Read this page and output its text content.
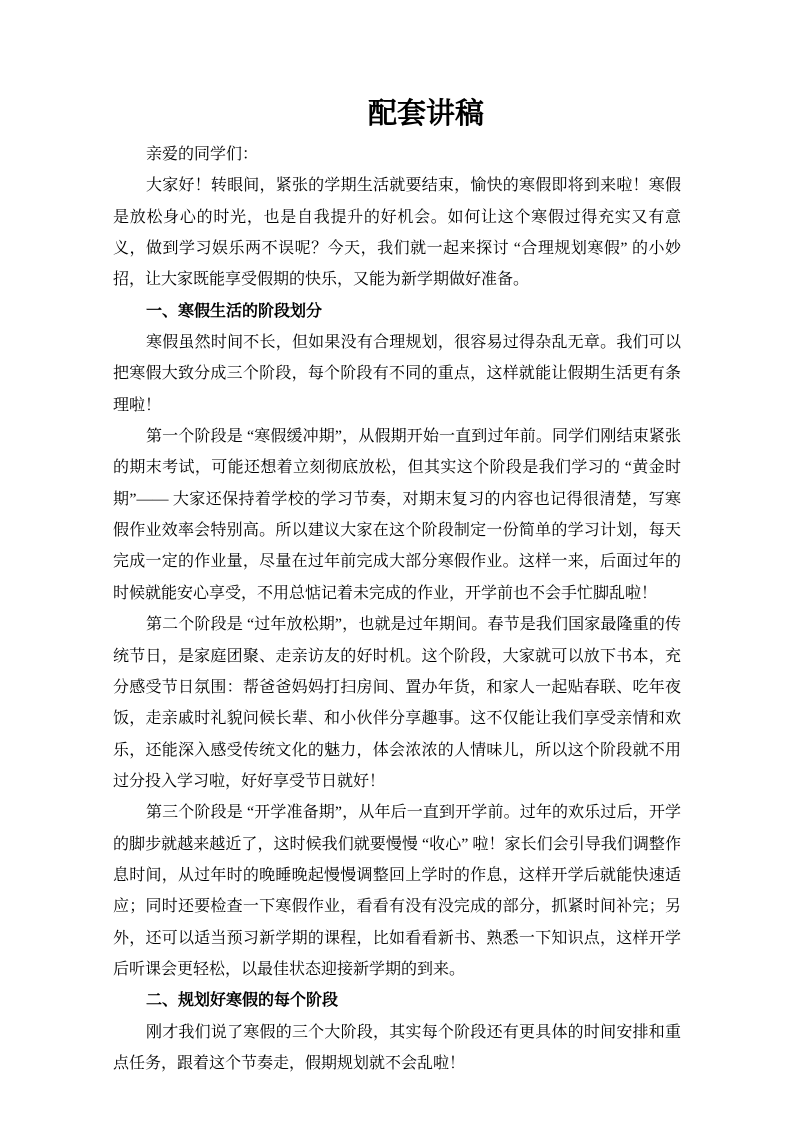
配套讲稿

亲爱的同学们：

大家好！转眼间，紧张的学期生活就要结束，愉快的寒假即将到来啦！寒假是放松身心的时光，也是自我提升的好机会。如何让这个寒假过得充实又有意义，做到学习娱乐两不误呢？今天，我们就一起来探讨 “合理规划寒假” 的小妙招，让大家既能享受假期的快乐，又能为新学期做好准备。

一、寒假生活的阶段划分

寒假虽然时间不长，但如果没有合理规划，很容易过得杂乱无章。我们可以把寒假大致分成三个阶段，每个阶段有不同的重点，这样就能让假期生活更有条理啦！

第一个阶段是 “寒假缓冲期”，从假期开始一直到过年前。同学们刚结束紧张的期末考试，可能还想着立刻彻底放松，但其实这个阶段是我们学习的 “黄金时期”—— 大家还保持着学校的学习节奏，对期末复习的内容也记得很清楚，写寒假作业效率会特别高。所以建议大家在这个阶段制定一份简单的学习计划，每天完成一定的作业量，尽量在过年前完成大部分寒假作业。这样一来，后面过年的时候就能安心享受，不用总惦记着未完成的作业，开学前也不会手忙脚乱啦！

第二个阶段是 “过年放松期”，也就是过年期间。春节是我们国家最隆重的传统节日，是家庭团聚、走亲访友的好时机。这个阶段，大家就可以放下书本，充分感受节日氛围：帮爸爸妈妈打扫房间、置办年货，和家人一起贴春联、吃年夜饭，走亲戚时礼貌问候长辈、和小伙伴分享趣事。这不仅能让我们享受亲情和欢乐，还能深入感受传统文化的魅力，体会浓浓的人情味儿，所以这个阶段就不用过分投入学习啦，好好享受节日就好！

第三个阶段是 “开学准备期”，从年后一直到开学前。过年的欢乐过后，开学的脚步就越来越近了，这时候我们就要慢慢 “收心” 啦！家长们会引导我们调整作息时间，从过年时的晚睡晚起慢慢调整回上学时的作息，这样开学后就能快速适应；同时还要检查一下寒假作业，看看有没有没完成的部分，抓紧时间补完；另外，还可以适当预习新学期的课程，比如看看新书、熟悉一下知识点，这样开学后听课会更轻松，以最佳状态迎接新学期的到来。

二、规划好寒假的每个阶段

刚才我们说了寒假的三个大阶段，其实每个阶段还有更具体的时间安排和重点任务，跟着这个节奏走，假期规划就不会乱啦！
